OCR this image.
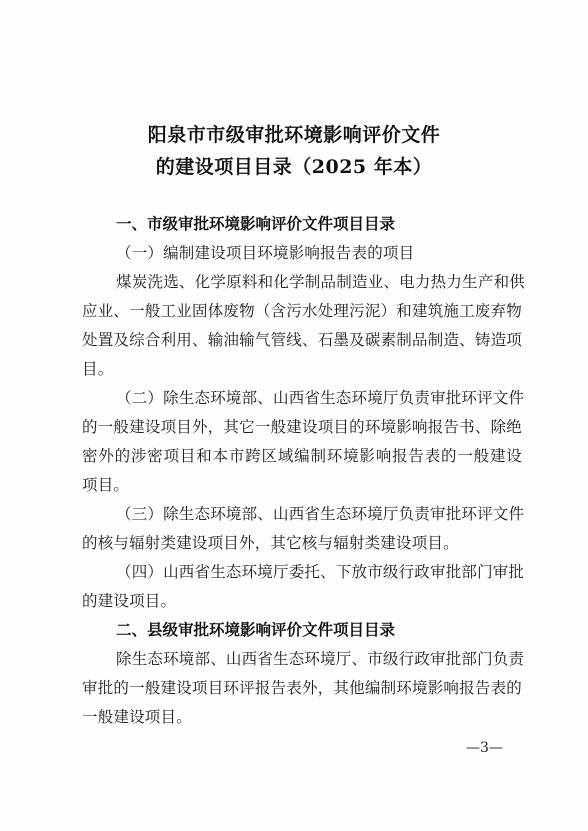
阳泉市市级审批环境影响评价文件
的建设项目目录（2025 年本）
一、市级审批环境影响评价文件项目目录
（一）编制建设项目环境影响报告表的项目
煤炭洗选、化学原料和化学制品制造业、电力热力生产和供
应业、一般工业固体废物（含污水处理污泥）和建筑施工废弃物
处置及综合利用、输油输气管线、石墨及碳素制品制造、铸造项
目。
（二）除生态环境部、山西省生态环境厅负责审批环评文件
的一般建设项目外，其它一般建设项目的环境影响报告书、除绝
密外的涉密项目和本市跨区域编制环境影响报告表的一般建设
项目。
（三）除生态环境部、山西省生态环境厅负责审批环评文件
的核与辐射类建设项目外，其它核与辐射类建设项目。
（四）山西省生态环境厅委托、下放市级行政审批部门审批
的建设项目。
二、县级审批环境影响评价文件项目目录
除生态环境部、山西省生态环境厅、市级行政审批部门负责
审批的一般建设项目环评报告表外，其他编制环境影响报告表的
一般建设项目。
—3—
